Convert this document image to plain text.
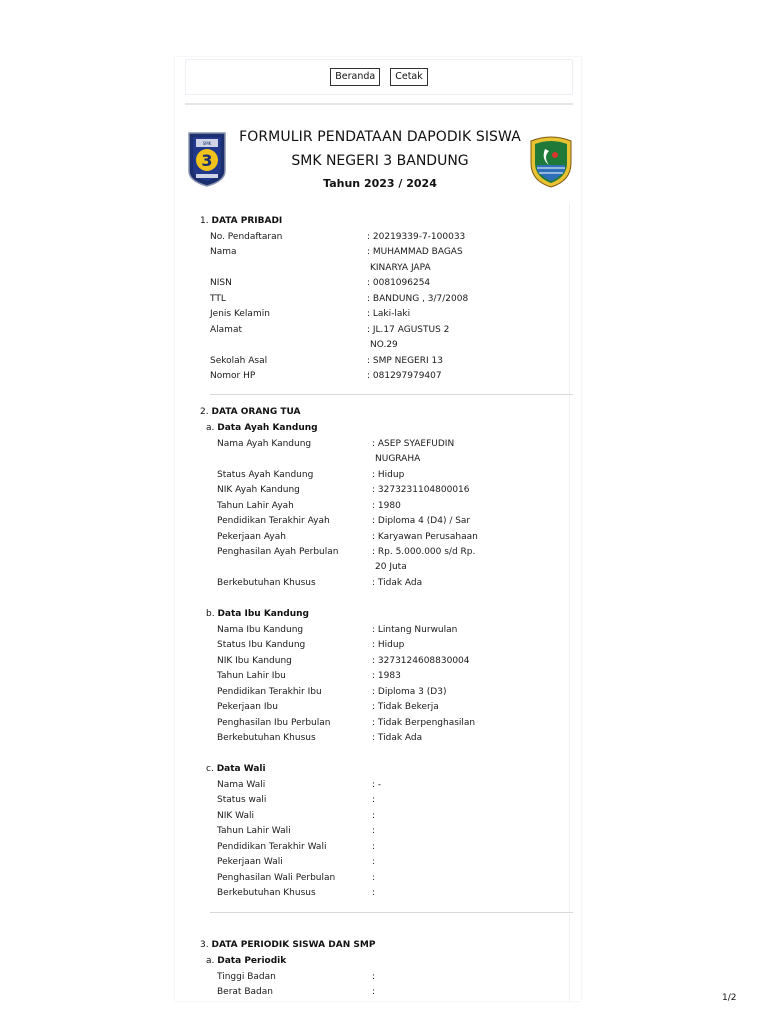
Beranda	Cetak
SMK
3
FORMULIR PENDATAAN DAPODIK SISWA
SMK NEGERI 3 BANDUNG
Tahun 2023 / 2024
1. DATA PRIBADI
No. Pendaftaran	: 20219339-7-100033
Nama	: MUHAMMAD BAGAS
KINARYA JAPA
NISN	: 0081096254
TTL	: BANDUNG , 3/7/2008
Jenis Kelamin	: Laki-laki
Alamat	: JL.17 AGUSTUS 2
NO.29
Sekolah Asal	: SMP NEGERI 13
Nomor HP	: 081297979407
2. DATA ORANG TUA
a. Data Ayah Kandung
Nama Ayah Kandung	: ASEP SYAEFUDIN
NUGRAHA
Status Ayah Kandung	: Hidup
NIK Ayah Kandung	: 3273231104800016
Tahun Lahir Ayah	: 1980
Pendidikan Terakhir Ayah	: Diploma 4 (D4) / Sar
Pekerjaan Ayah	: Karyawan Perusahaan
Penghasilan Ayah Perbulan	: Rp. 5.000.000 s/d Rp.
20 Juta
Berkebutuhan Khusus	: Tidak Ada
b. Data Ibu Kandung
Nama Ibu Kandung	: Lintang Nurwulan
Status Ibu Kandung	: Hidup
NIK Ibu Kandung	: 3273124608830004
Tahun Lahir Ibu	: 1983
Pendidikan Terakhir Ibu	: Diploma 3 (D3)
Pekerjaan Ibu	: Tidak Bekerja
Penghasilan Ibu Perbulan	: Tidak Berpenghasilan
Berkebutuhan Khusus	: Tidak Ada
c. Data Wali
Nama Wali	: -
Status wali	:
NIK Wali	:
Tahun Lahir Wali	:
Pendidikan Terakhir Wali	:
Pekerjaan Wali	:
Penghasilan Wali Perbulan	:
Berkebutuhan Khusus	:
3. DATA PERIODIK SISWA DAN SMP
a. Data Periodik
Tinggi Badan	:
Berat Badan	:
1/2
